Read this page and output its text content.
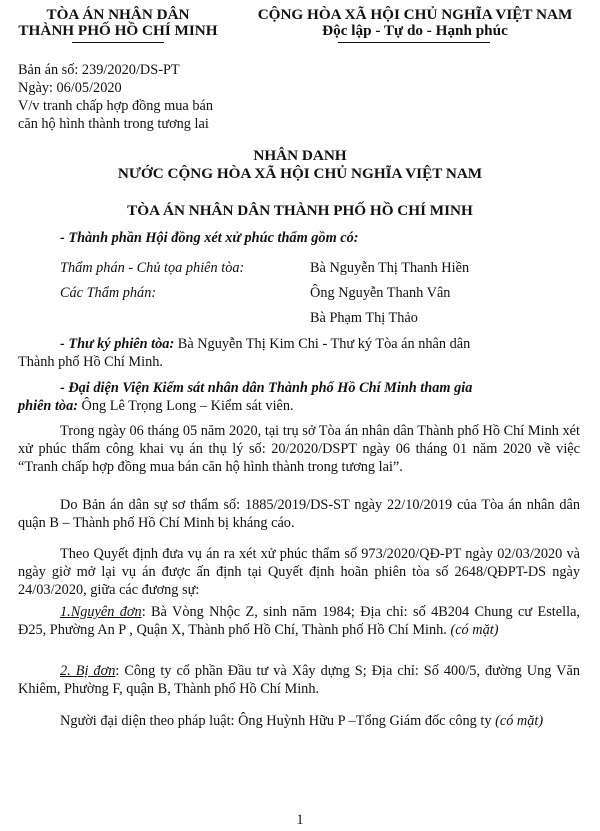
TÒA ÁN NHÂN DÂN
THÀNH PHỐ HỒ CHÍ MINH
CỘNG HÒA XÃ HỘI CHỦ NGHĨA VIỆT NAM
Độc lập - Tự do - Hạnh phúc
Bản án số: 239/2020/DS-PT
Ngày: 06/05/2020
V/v tranh chấp hợp đồng mua bán
căn hộ hình thành trong tương lai
NHÂN DANH
NƯỚC CỘNG HÒA XÃ HỘI CHỦ NGHĨA VIỆT NAM
TÒA ÁN NHÂN DÂN THÀNH PHỐ HỒ CHÍ MINH
- Thành phần Hội đồng xét xử phúc thẩm gồm có:
Thẩm phán - Chủ tọa phiên tòa:	Bà Nguyễn Thị Thanh Hiền
Các Thẩm phán:	Ông Nguyễn Thanh Vân
Bà Phạm Thị Thảo
- Thư ký phiên tòa: Bà Nguyễn Thị Kim Chi - Thư ký Tòa án nhân dân
Thành phố Hồ Chí Minh.
- Đại diện Viện Kiểm sát nhân dân Thành phố Hồ Chí Minh tham gia
phiên tòa: Ông Lê Trọng Long – Kiểm sát viên.

Trong ngày 06 tháng 05 năm 2020, tại trụ sở Tòa án nhân dân Thành phố Hồ Chí Minh xét xử phúc thẩm công khai vụ án thụ lý số: 20/2020/DSPT ngày 06 tháng 01 năm 2020 về việc “Tranh chấp hợp đồng mua bán căn hộ hình thành trong tương lai”.

Do Bản án dân sự sơ thẩm số: 1885/2019/DS-ST ngày 22/10/2019 của Tòa án nhân dân quận B – Thành phố Hồ Chí Minh bị kháng cáo.

Theo Quyết định đưa vụ án ra xét xử phúc thẩm số 973/2020/QĐ-PT ngày 02/03/2020 và ngày giờ mở lại vụ án được ấn định tại Quyết định hoãn phiên tòa số 2648/QĐPT-DS ngày 24/03/2020, giữa các đương sự:

1.Nguyên đơn: Bà Vòng Nhộc Z, sinh năm 1984; Địa chỉ: số 4B204 Chung cư Estella, Đ25, Phường An P , Quận X, Thành phố Hồ Chí, Thành phố Hồ Chí Minh. (có mặt)

2. Bị đơn: Công ty cổ phần Đầu tư và Xây dựng S; Địa chỉ: Số 400/5, đường Ung Văn Khiêm, Phường F, quận B, Thành phố Hồ Chí Minh.

Người đại diện theo pháp luật: Ông Huỳnh Hữu P –Tổng Giám đốc công ty (có mặt)

1
